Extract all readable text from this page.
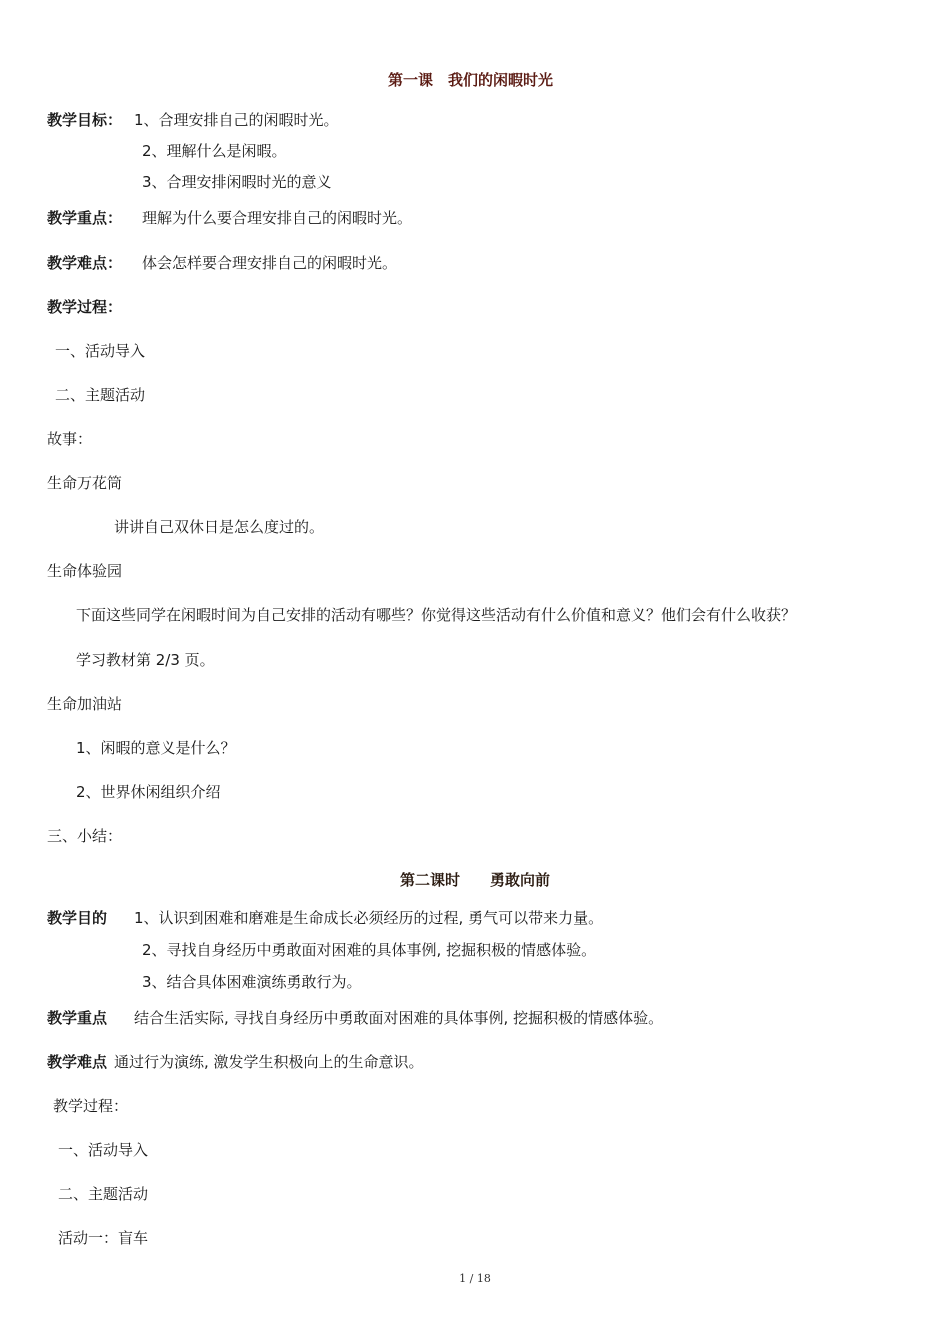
第一课　我们的闲暇时光
教学目标： 1、合理安排自己的闲暇时光。
2、理解什么是闲暇。
3、合理安排闲暇时光的意义
教学重点： 理解为什么要合理安排自己的闲暇时光。
教学难点： 体会怎样要合理安排自己的闲暇时光。
教学过程：
一、活动导入
二、主题活动
故事：
生命万花筒
讲讲自己双休日是怎么度过的。
生命体验园
下面这些同学在闲暇时间为自己安排的活动有哪些？你觉得这些活动有什么价值和意义？他们会有什么收获？
学习教材第 2/3 页。
生命加油站
1、闲暇的意义是什么？
2、世界休闲组织介绍
三、小结：
第二课时　　勇敢向前
教学目的 1、认识到困难和磨难是生命成长必须经历的过程, 勇气可以带来力量。
2、寻找自身经历中勇敢面对困难的具体事例, 挖掘积极的情感体验。
3、结合具体困难演练勇敢行为。
教学重点 结合生活实际, 寻找自身经历中勇敢面对困难的具体事例, 挖掘积极的情感体验。
教学难点 通过行为演练, 激发学生积极向上的生命意识。
教学过程：
一、活动导入
二、主题活动
活动一：盲车
1 / 18
